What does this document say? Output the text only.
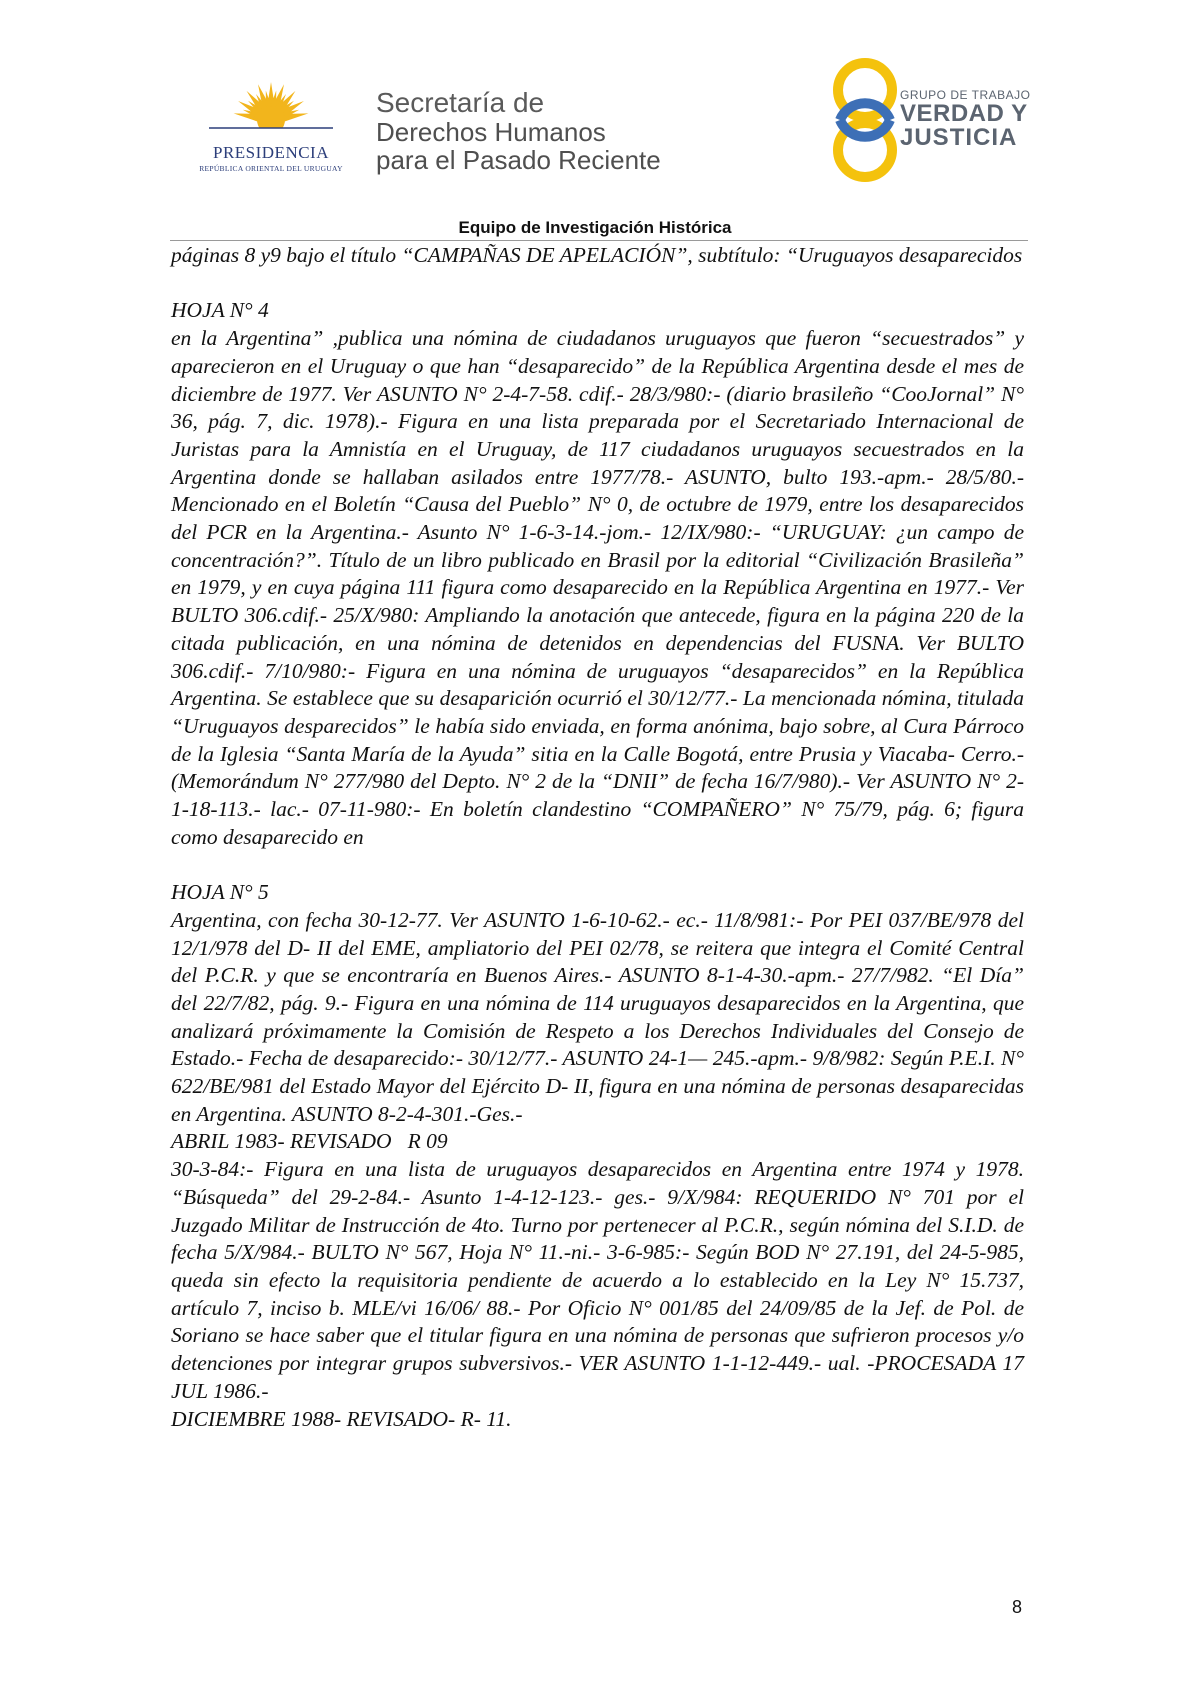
PRESIDENCIA
REPÚBLICA ORIENTAL DEL URUGUAY
Secretaría de
Derechos Humanos
para el Pasado Reciente
GRUPO DE TRABAJO
VERDAD Y
JUSTICIA
Equipo de Investigación Histórica

páginas 8 y9 bajo el título “CAMPAÑAS DE APELACIÓN”, subtítulo: “Uruguayos desaparecidos

HOJA N° 4

en la Argentina” ,publica una nómina de ciudadanos uruguayos que fueron “secuestrados” y aparecieron en el Uruguay o que han “desaparecido” de la República Argentina desde el mes de diciembre de 1977. Ver ASUNTO N° 2-4-7-58. cdif.- 28/3/980:- (diario brasileño “CooJornal” N° 36, pág. 7, dic. 1978).- Figura en una lista preparada por el Secretariado Internacional de Juristas para la Amnistía en el Uruguay, de 117 ciudadanos uruguayos secuestrados en la Argentina donde se hallaban asilados entre 1977/78.- ASUNTO, bulto 193.-apm.- 28/5/80.- Mencionado en el Boletín “Causa del Pueblo” N° 0, de octubre de 1979, entre los desaparecidos del PCR en la Argentina.- Asunto N° 1-6-3-14.-jom.- 12/IX/980:- “URUGUAY: ¿un campo de concentración?”. Título de un libro publicado en Brasil por la editorial “Civilización Brasileña” en 1979, y en cuya página 111 figura como desaparecido en la República Argentina en 1977.- Ver BULTO 306.cdif.- 25/X/980: Ampliando la anotación que antecede, figura en la página 220 de la citada publicación, en una nómina de detenidos en dependencias del FUSNA. Ver BULTO 306.cdif.- 7/10/980:- Figura en una nómina de uruguayos “desaparecidos” en la República Argentina. Se establece que su desaparición ocurrió el 30/12/77.- La mencionada nómina, titulada “Uruguayos desparecidos” le había sido enviada, en forma anónima, bajo sobre, al Cura Párroco de la Iglesia “Santa María de la Ayuda” sitia en la Calle Bogotá, entre Prusia y Viacaba- Cerro.- (Memorándum N° 277/980 del Depto. N° 2 de la “DNII” de fecha 16/7/980).- Ver ASUNTO N° 2-1-18-113.- lac.- 07-11-980:- En boletín clandestino “COMPAÑERO” N° 75/79, pág. 6; figura como desaparecido en

HOJA N° 5

Argentina, con fecha 30-12-77. Ver ASUNTO 1-6-10-62.- ec.- 11/8/981:- Por PEI 037/BE/978 del 12/1/978 del D- II del EME, ampliatorio del PEI 02/78, se reitera que integra el Comité Central del P.C.R. y que se encontraría en Buenos Aires.- ASUNTO 8-1-4-30.-apm.- 27/7/982. “El Día” del 22/7/82, pág. 9.- Figura en una nómina de 114 uruguayos desaparecidos en la Argentina, que analizará próximamente la Comisión de Respeto a los Derechos Individuales del Consejo de Estado.- Fecha de desaparecido:- 30/12/77.- ASUNTO 24-1— 245.-apm.- 9/8/982: Según P.E.I. N° 622/BE/981 del Estado Mayor del Ejército D- II, figura en una nómina de personas desaparecidas en Argentina. ASUNTO 8-2-4-301.-Ges.-

ABRIL 1983- REVISADO   R 09

30-3-84:- Figura en una lista de uruguayos desaparecidos en Argentina entre 1974 y 1978. “Búsqueda” del 29-2-84.- Asunto 1-4-12-123.- ges.- 9/X/984: REQUERIDO N° 701 por el Juzgado Militar de Instrucción de 4to. Turno por pertenecer al P.C.R., según nómina del S.I.D. de fecha 5/X/984.- BULTO N° 567, Hoja N° 11.-ni.- 3-6-985:- Según BOD N° 27.191, del 24-5-985, queda sin efecto la requisitoria pendiente de acuerdo a lo establecido en la Ley N° 15.737, artículo 7, inciso b. MLE/vi 16/06/ 88.- Por Oficio N° 001/85 del 24/09/85 de la Jef. de Pol. de Soriano se hace saber que el titular figura en una nómina de personas que sufrieron procesos y/o detenciones por integrar grupos subversivos.- VER ASUNTO 1-1-12-449.- ual. -PROCESADA 17 JUL 1986.-

DICIEMBRE 1988- REVISADO- R- 11.

8
